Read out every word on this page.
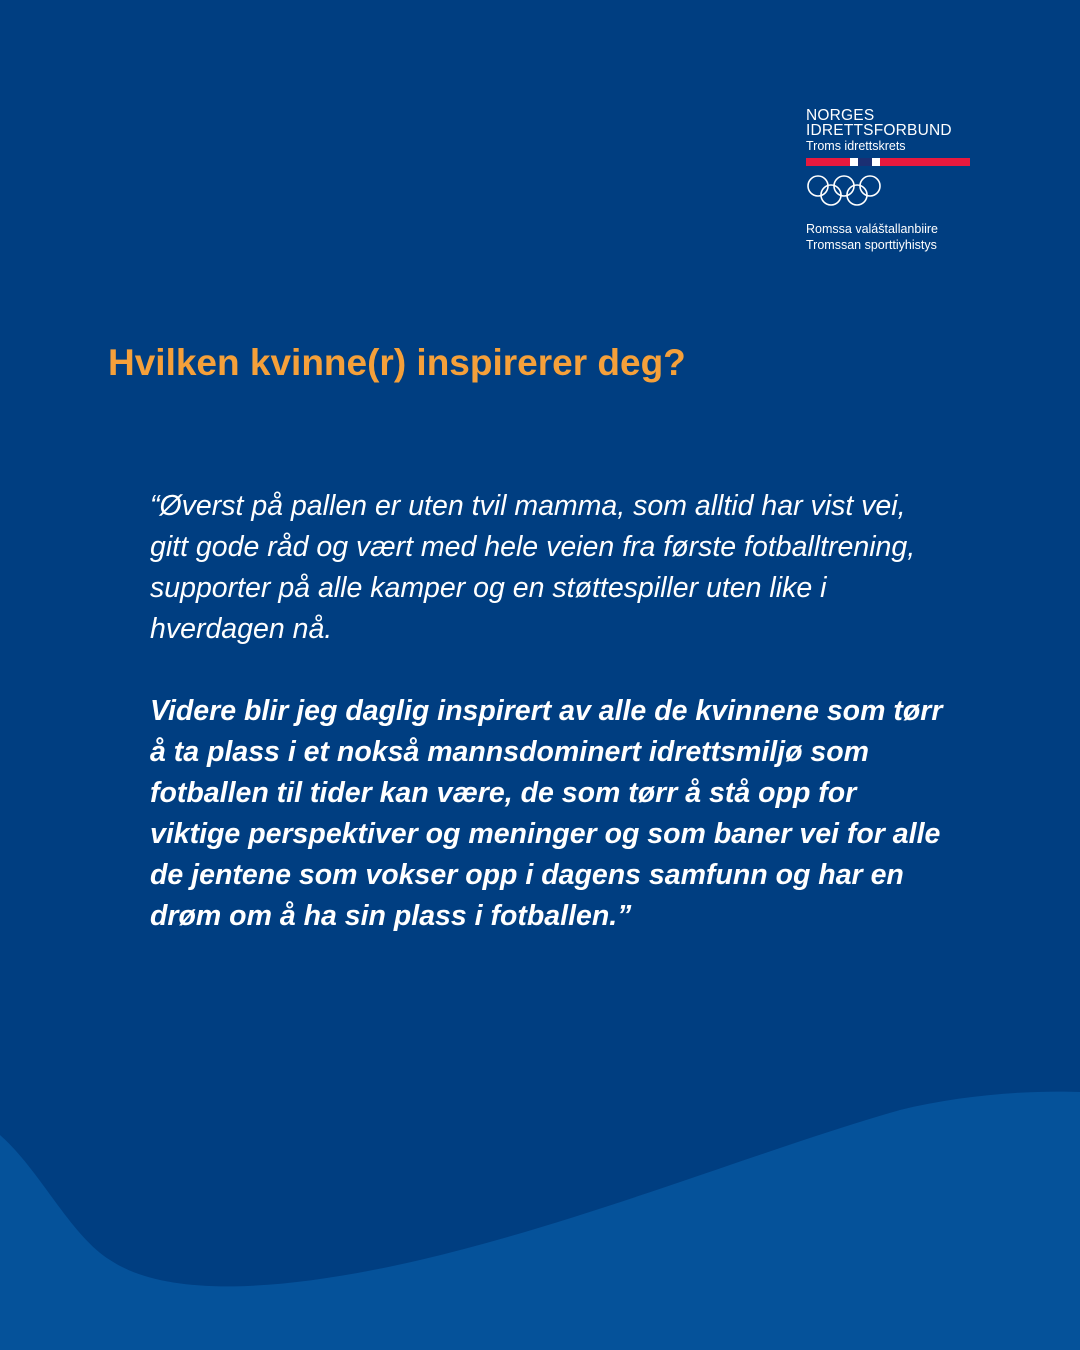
NORGES
IDRETTSFORBUND
Troms idrettskrets
Romssa valáštallanbiire
Tromssan sporttiyhistys
Hvilken kvinne(r) inspirerer deg?

“Øverst på pallen er uten tvil mamma, som alltid har vist vei, gitt gode råd og vært med hele veien fra første fotballtrening, supporter på alle kamper og en støttespiller uten like i hverdagen nå.

Videre blir jeg daglig inspirert av alle de kvinnene som tørr å ta plass i et nokså mannsdominert idrettsmiljø som fotballen til tider kan være, de som tørr å stå opp for viktige perspektiver og meninger og som baner vei for alle de jentene som vokser opp i dagens samfunn og har en drøm om å ha sin plass i fotballen.”
